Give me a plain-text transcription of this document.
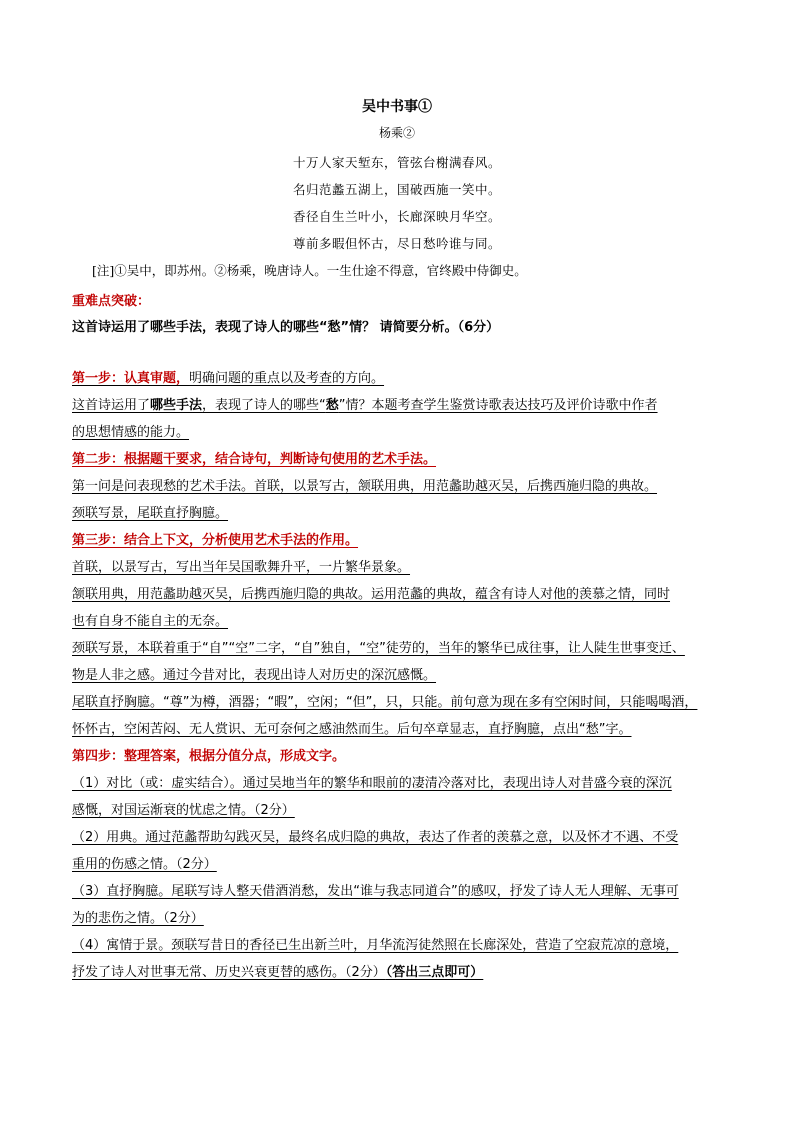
吴中书事①
杨乘②
十万人家天堑东，管弦台榭满春风。
名归范蠡五湖上，国破西施一笑中。
香径自生兰叶小，长廊深映月华空。
尊前多暇但怀古，尽日愁吟谁与同。
[注]①吴中，即苏州。②杨乘，晚唐诗人。一生仕途不得意，官终殿中侍御史。
重难点突破：
这首诗运用了哪些手法，表现了诗人的哪些“愁”情？ 请简要分析。（6分）
第一步：认真审题，明确问题的重点以及考查的方向。
这首诗运用了哪些手法，表现了诗人的哪些“愁”情？本题考查学生鉴赏诗歌表达技巧及评价诗歌中作者
的思想情感的能力。
第二步：根据题干要求，结合诗句，判断诗句使用的艺术手法。
第一问是问表现愁的艺术手法。首联，以景写古，颔联用典，用范蠡助越灭吴，后携西施归隐的典故。
颈联写景，尾联直抒胸臆。
第三步：结合上下文，分析使用艺术手法的作用。
首联，以景写古，写出当年吴国歌舞升平，一片繁华景象。
颔联用典，用范蠡助越灭吴，后携西施归隐的典故。运用范蠡的典故，蕴含有诗人对他的羡慕之情，同时
也有自身不能自主的无奈。
颈联写景，本联着重于“自”“空”二字，“自”独自，“空”徒劳的，当年的繁华已成往事，让人陡生世事变迁、
物是人非之感。通过今昔对比，表现出诗人对历史的深沉感慨。
尾联直抒胸臆。“尊”为樽，酒器；“暇”，空闲；“但”，只，只能。前句意为现在多有空闲时间，只能喝喝酒，
怀怀古，空闲苦闷、无人赏识、无可奈何之感油然而生。后句卒章显志，直抒胸臆，点出“愁”字。
第四步：整理答案，根据分值分点，形成文字。
（1）对比（或：虚实结合）。通过吴地当年的繁华和眼前的凄清冷落对比，表现出诗人对昔盛今衰的深沉
感慨，对国运渐衰的忧虑之情。（2分）
（2）用典。通过范蠡帮助勾践灭吴，最终名成归隐的典故，表达了作者的羡慕之意，以及怀才不遇、不受
重用的伤感之情。（2分）
（3）直抒胸臆。尾联写诗人整天借酒消愁，发出“谁与我志同道合”的感叹，抒发了诗人无人理解、无事可
为的悲伤之情。（2分）
（4）寓情于景。颈联写昔日的香径已生出新兰叶，月华流泻徒然照在长廊深处，营造了空寂荒凉的意境，
抒发了诗人对世事无常、历史兴衰更替的感伤。（2分）（答出三点即可）
